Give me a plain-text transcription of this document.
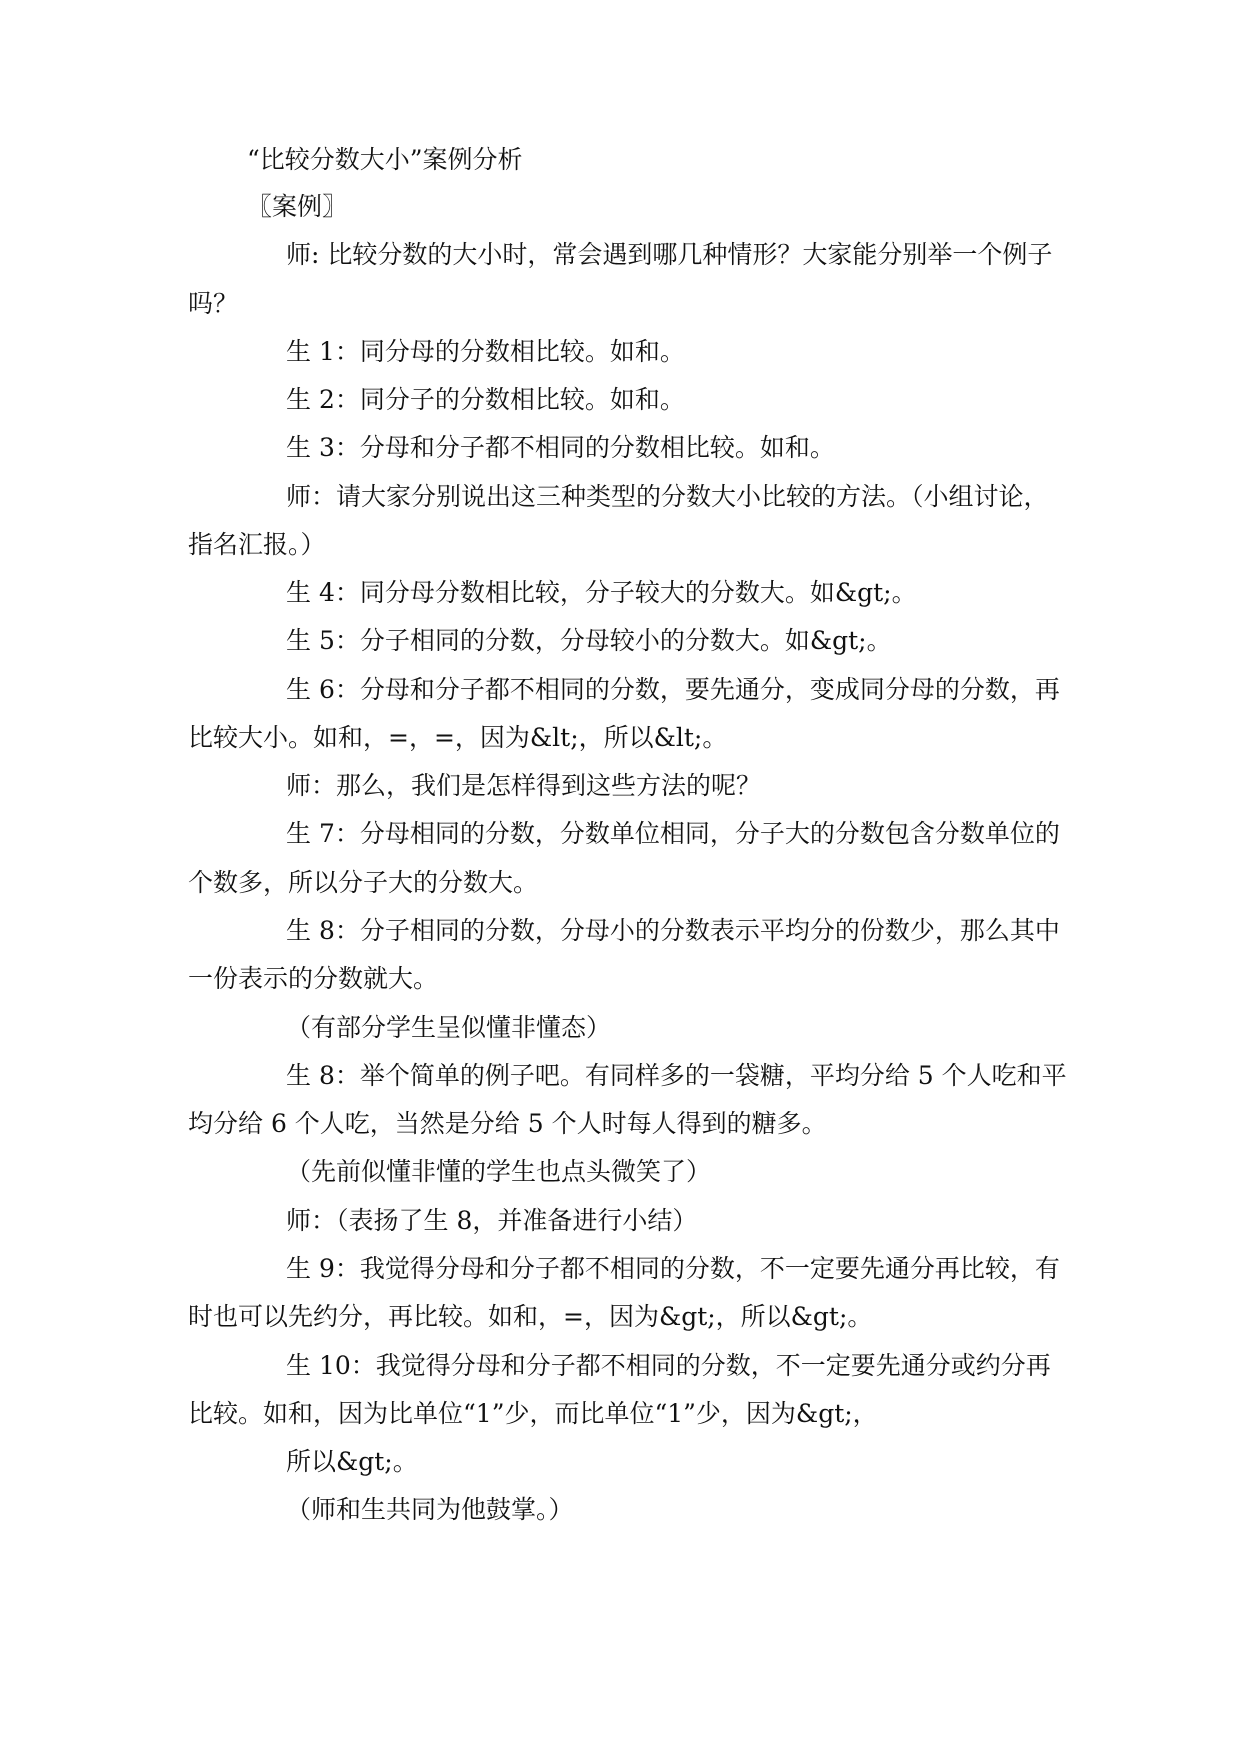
“比较分数大小”案例分析

〖案例〗

师: 比较分数的大小时，常会遇到哪几种情形？大家能分别举一个例子

吗？

生 1：同分母的分数相比较。如和。

生 2：同分子的分数相比较。如和。

生 3：分母和分子都不相同的分数相比较。如和。

师：请大家分别说出这三种类型的分数大小比较的方法。（小组讨论，

指名汇报。）

生 4：同分母分数相比较，分子较大的分数大。如&gt;。

生 5：分子相同的分数，分母较小的分数大。如&gt;。

生 6：分母和分子都不相同的分数，要先通分，变成同分母的分数，再

比较大小。如和，=，=，因为&lt;，所以&lt;。

师：那么，我们是怎样得到这些方法的呢？

生 7：分母相同的分数，分数单位相同，分子大的分数包含分数单位的

个数多，所以分子大的分数大。

生 8：分子相同的分数，分母小的分数表示平均分的份数少，那么其中

一份表示的分数就大。

（有部分学生呈似懂非懂态）

生 8：举个简单的例子吧。有同样多的一袋糖，平均分给 5 个人吃和平

均分给 6 个人吃，当然是分给 5 个人时每人得到的糖多。

（先前似懂非懂的学生也点头微笑了）

师：（表扬了生 8，并准备进行小结）

生 9：我觉得分母和分子都不相同的分数，不一定要先通分再比较，有

时也可以先约分，再比较。如和，=，因为&gt;，所以&gt;。

生 10：我觉得分母和分子都不相同的分数，不一定要先通分或约分再

比较。如和，因为比单位“1”少，而比单位“1”少，因为&gt;，

所以&gt;。

（师和生共同为他鼓掌。）
